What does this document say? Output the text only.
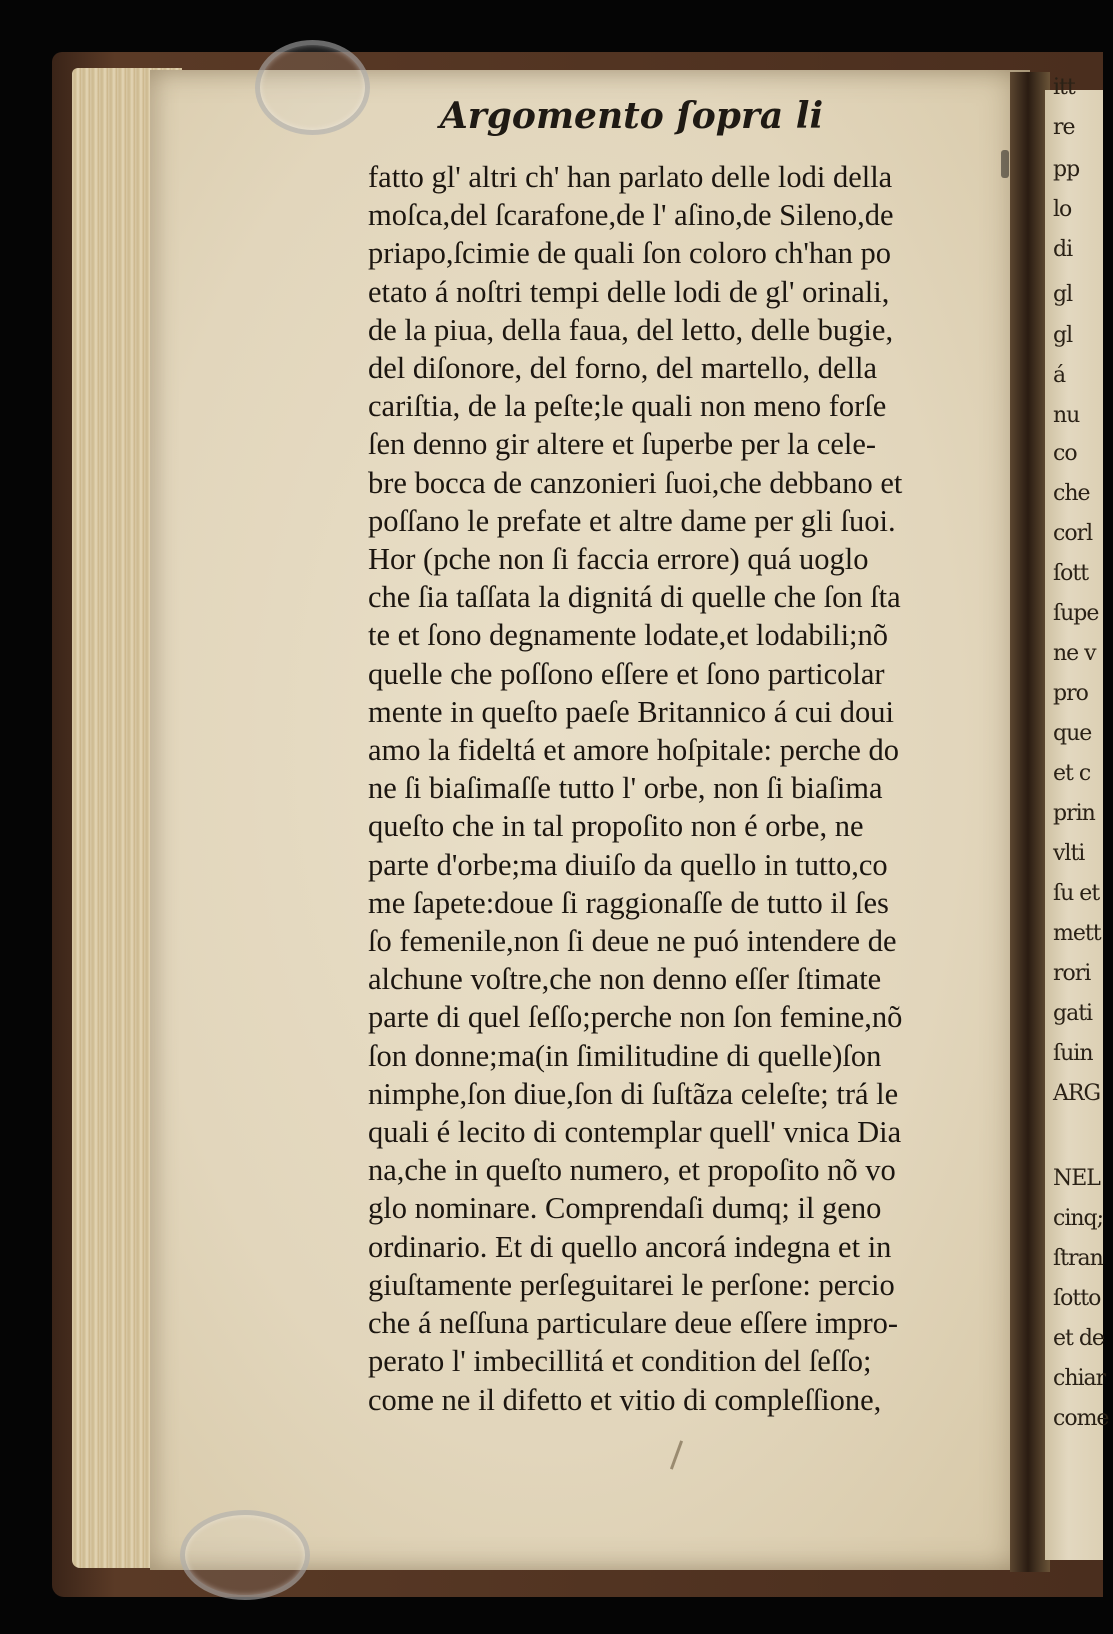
itt
re
pp
lo
di
gl
gl
á
nu
co
che
corl
ſott
ſupe
ne v
pro
que
et c
prin
vlti
ſu et
mett
rori
gati
ſuin
ARG
NEL
cinq;
ſtran
ſotto
et de
chiar
come
Argomento ſopra li
fatto gl' altri ch' han parlato delle lodi della
moſca,del ſcarafone,de l' aſino,de Sileno,de
priapo,ſcimie de quali ſon coloro ch'han po
etato á noſtri tempi delle lodi de gl' orinali,
de la piua, della faua, del letto, delle bugie,
del diſonore, del forno, del martello, della
cariſtia, de la peſte;le quali non meno forſe
ſen denno gir altere et ſuperbe per la cele-
bre bocca de canzonieri ſuoi,che debbano et
poſſano le prefate et altre dame per gli ſuoi.
Hor (pche non ſi faccia errore) quá uoglo
che ſia taſſata la dignitá di quelle che ſon ſta
te et ſono degnamente lodate,et lodabili;nõ
quelle che poſſono eſſere et ſono particolar
mente in queſto paeſe Britannico á cui doui
amo la fideltá et amore hoſpitale: perche do
ne ſi biaſimaſſe tutto l' orbe, non ſi biaſima
queſto che in tal propoſito non é orbe, ne
parte d'orbe;ma diuiſo da quello in tutto,co
me ſapete:doue ſi raggionaſſe de tutto il ſes
ſo femenile,non ſi deue ne puó intendere de
alchune voſtre,che non denno eſſer ſtimate
parte di quel ſeſſo;perche non ſon femine,nõ
ſon donne;ma(in ſimilitudine di quelle)ſon
nimphe,ſon diue,ſon di ſuſtãza celeſte; trá le
quali é lecito di contemplar quell' vnica Dia
na,che in queſto numero, et propoſito nõ vo
glo nominare. Comprendaſi dumq; il geno
ordinario. Et di quello ancorá indegna et in
giuſtamente perſeguitarei le perſone: percio
che á neſſuna particulare deue eſſere impro-
perato l' imbecillitá et condition del ſeſſo;
come ne il difetto et vitio di compleſſione,
